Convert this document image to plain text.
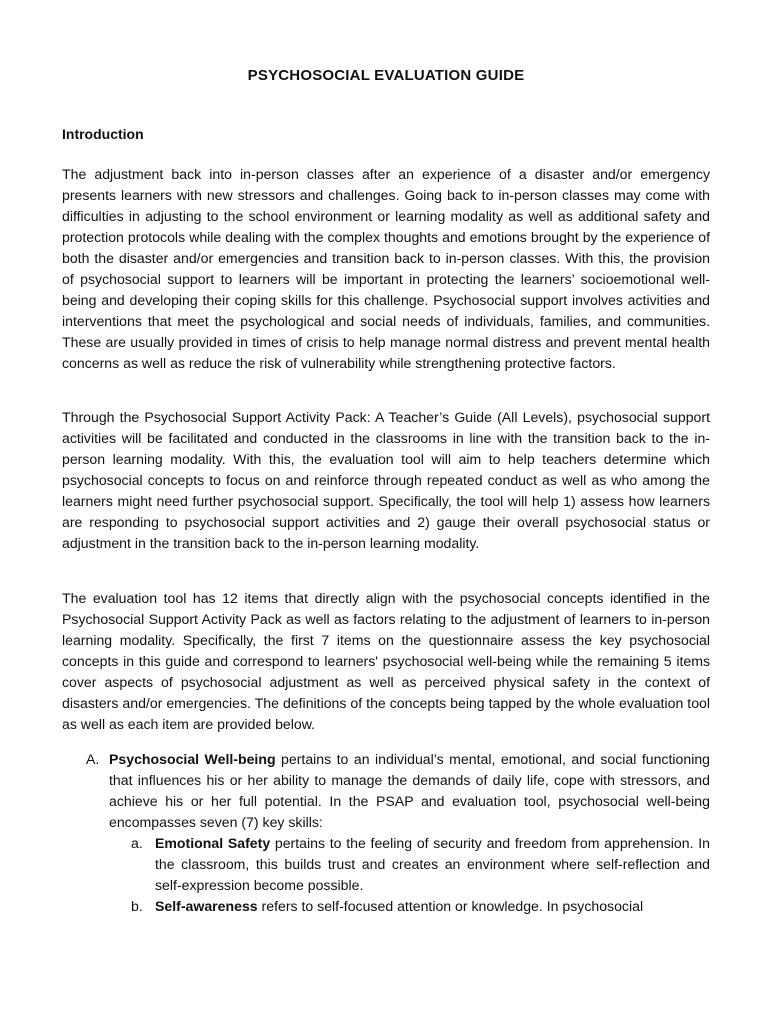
PSYCHOSOCIAL EVALUATION GUIDE
Introduction

The adjustment back into in-person classes after an experience of a disaster and/or emergency presents learners with new stressors and challenges. Going back to in-person classes may come with difficulties in adjusting to the school environment or learning modality as well as additional safety and protection protocols while dealing with the complex thoughts and emotions brought by the experience of both the disaster and/or emergencies and transition back to in-person classes. With this, the provision of psychosocial support to learners will be important in protecting the learners’ socioemotional well-being and developing their coping skills for this challenge. Psychosocial support involves activities and interventions that meet the psychological and social needs of individuals, families, and communities. These are usually provided in times of crisis to help manage normal distress and prevent mental health concerns as well as reduce the risk of vulnerability while strengthening protective factors.

Through the Psychosocial Support Activity Pack: A Teacher’s Guide (All Levels), psychosocial support activities will be facilitated and conducted in the classrooms in line with the transition back to the in-person learning modality. With this, the evaluation tool will aim to help teachers determine which psychosocial concepts to focus on and reinforce through repeated conduct as well as who among the learners might need further psychosocial support. Specifically, the tool will help 1) assess how learners are responding to psychosocial support activities and 2) gauge their overall psychosocial status or adjustment in the transition back to the in-person learning modality.

The evaluation tool has 12 items that directly align with the psychosocial concepts identified in the Psychosocial Support Activity Pack as well as factors relating to the adjustment of learners to in-person learning modality. Specifically, the first 7 items on the questionnaire assess the key psychosocial concepts in this guide and correspond to learners' psychosocial well-being while the remaining 5 items cover aspects of psychosocial adjustment as well as perceived physical safety in the context of disasters and/or emergencies. The definitions of the concepts being tapped by the whole evaluation tool as well as each item are provided below.

A. Psychosocial Well-being pertains to an individual’s mental, emotional, and social functioning that influences his or her ability to manage the demands of daily life, cope with stressors, and achieve his or her full potential. In the PSAP and evaluation tool, psychosocial well-being encompasses seven (7) key skills:
a. Emotional Safety pertains to the feeling of security and freedom from apprehension. In the classroom, this builds trust and creates an environment where self-reflection and self-expression become possible.
b. Self-awareness refers to self-focused attention or knowledge. In psychosocial
